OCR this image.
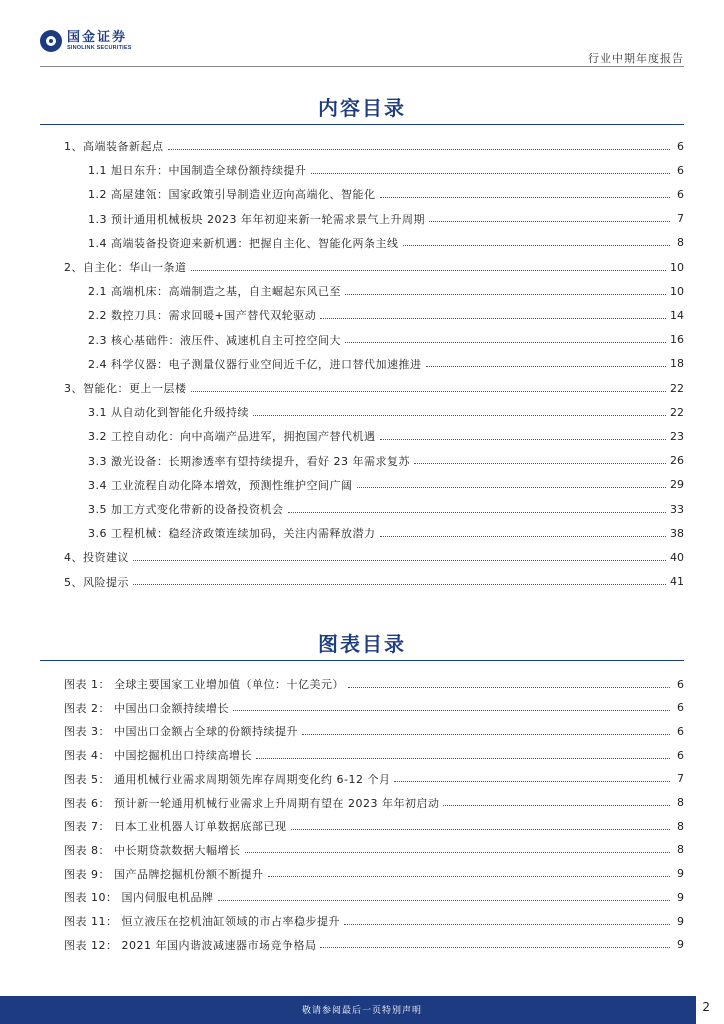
国金证券
SINOLINK SECURITIES
行业中期年度报告
内容目录
1、高端装备新起点	6
1.1 旭日东升：中国制造全球份额持续提升	6
1.2 高屋建瓴：国家政策引导制造业迈向高端化、智能化	6
1.3 预计通用机械板块 2023 年年初迎来新一轮需求景气上升周期	7
1.4 高端装备投资迎来新机遇：把握自主化、智能化两条主线	8
2、自主化：华山一条道	10
2.1 高端机床：高端制造之基，自主崛起东风已至	10
2.2 数控刀具：需求回暖+国产替代双轮驱动	14
2.3 核心基础件：液压件、减速机自主可控空间大	16
2.4 科学仪器：电子测量仪器行业空间近千亿，进口替代加速推进	18
3、智能化：更上一层楼	22
3.1 从自动化到智能化升级持续	22
3.2 工控自动化：向中高端产品进军，拥抱国产替代机遇	23
3.3 激光设备：长期渗透率有望持续提升，看好 23 年需求复苏	26
3.4 工业流程自动化降本增效，预测性维护空间广阔	29
3.5 加工方式变化带新的设备投资机会	33
3.6 工程机械：稳经济政策连续加码，关注内需释放潜力	38
4、投资建议	40
5、风险提示	41
图表目录
图表 1： 全球主要国家工业增加值（单位：十亿美元）	6
图表 2： 中国出口金额持续增长	6
图表 3： 中国出口金额占全球的份额持续提升	6
图表 4： 中国挖掘机出口持续高增长	6
图表 5： 通用机械行业需求周期领先库存周期变化约 6-12 个月	7
图表 6： 预计新一轮通用机械行业需求上升周期有望在 2023 年年初启动	8
图表 7： 日本工业机器人订单数据底部已现	8
图表 8： 中长期贷款数据大幅增长	8
图表 9： 国产品牌挖掘机份额不断提升	9
图表 10： 国内伺服电机品牌	9
图表 11： 恒立液压在挖机油缸领域的市占率稳步提升	9
图表 12： 2021 年国内谐波减速器市场竞争格局	9
敬请参阅最后一页特别声明	2
